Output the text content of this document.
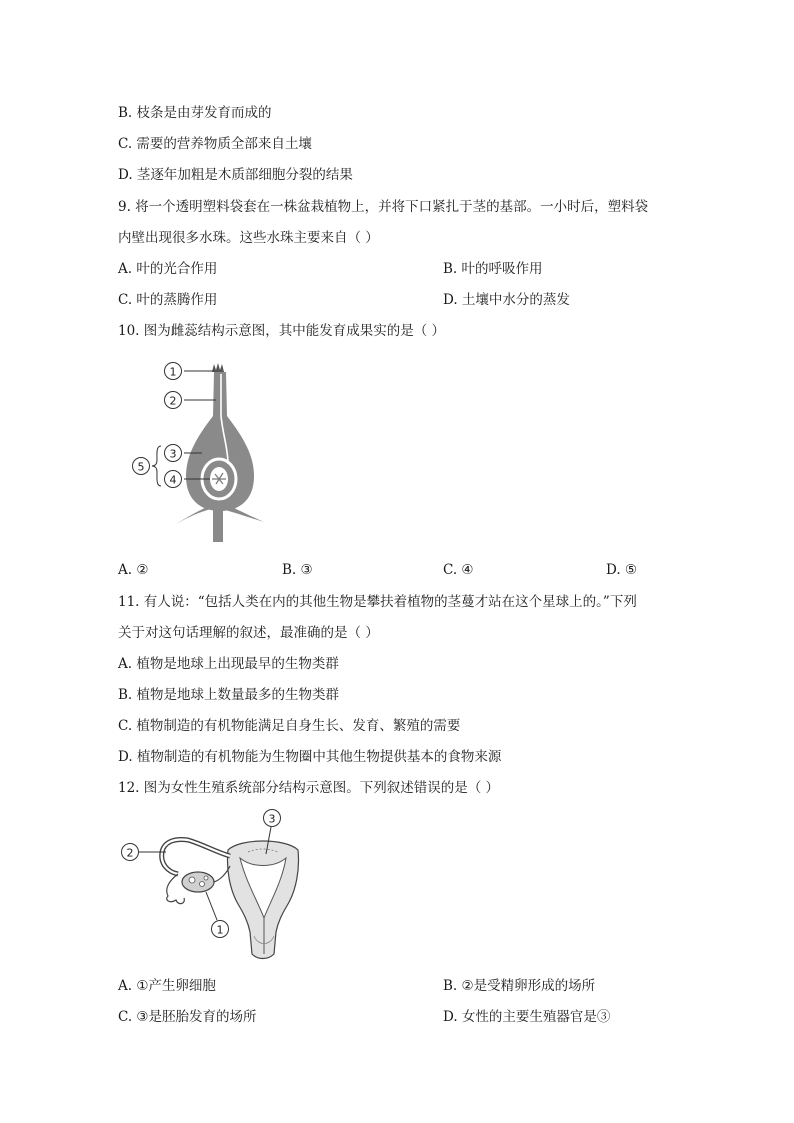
B. 枝条是由芽发育而成的
C. 需要的营养物质全部来自土壤
D. 茎逐年加粗是木质部细胞分裂的结果
9. 将一个透明塑料袋套在一株盆栽植物上，并将下口紧扎于茎的基部。一小时后，塑料袋
内壁出现很多水珠。这些水珠主要来自（ ）
A. 叶的光合作用	B. 叶的呼吸作用
C. 叶的蒸腾作用	D. 土壤中水分的蒸发
10. 图为雌蕊结构示意图，其中能发育成果实的是（ ）
1
2
3
4
5
A. ②	B. ③	C. ④	D. ⑤
11. 有人说：“包括人类在内的其他生物是攀扶着植物的茎蔓才站在这个星球上的。”下列
关于对这句话理解的叙述，最准确的是（ ）
A. 植物是地球上出现最早的生物类群
B. 植物是地球上数量最多的生物类群
C. 植物制造的有机物能满足自身生长、发育、繁殖的需要
D. 植物制造的有机物能为生物圈中其他生物提供基本的食物来源
12. 图为女性生殖系统部分结构示意图。下列叙述错误的是（ ）
2
3
1
A. ①产生卵细胞	B. ②是受精卵形成的场所
C. ③是胚胎发育的场所	D. 女性的主要生殖器官是③
